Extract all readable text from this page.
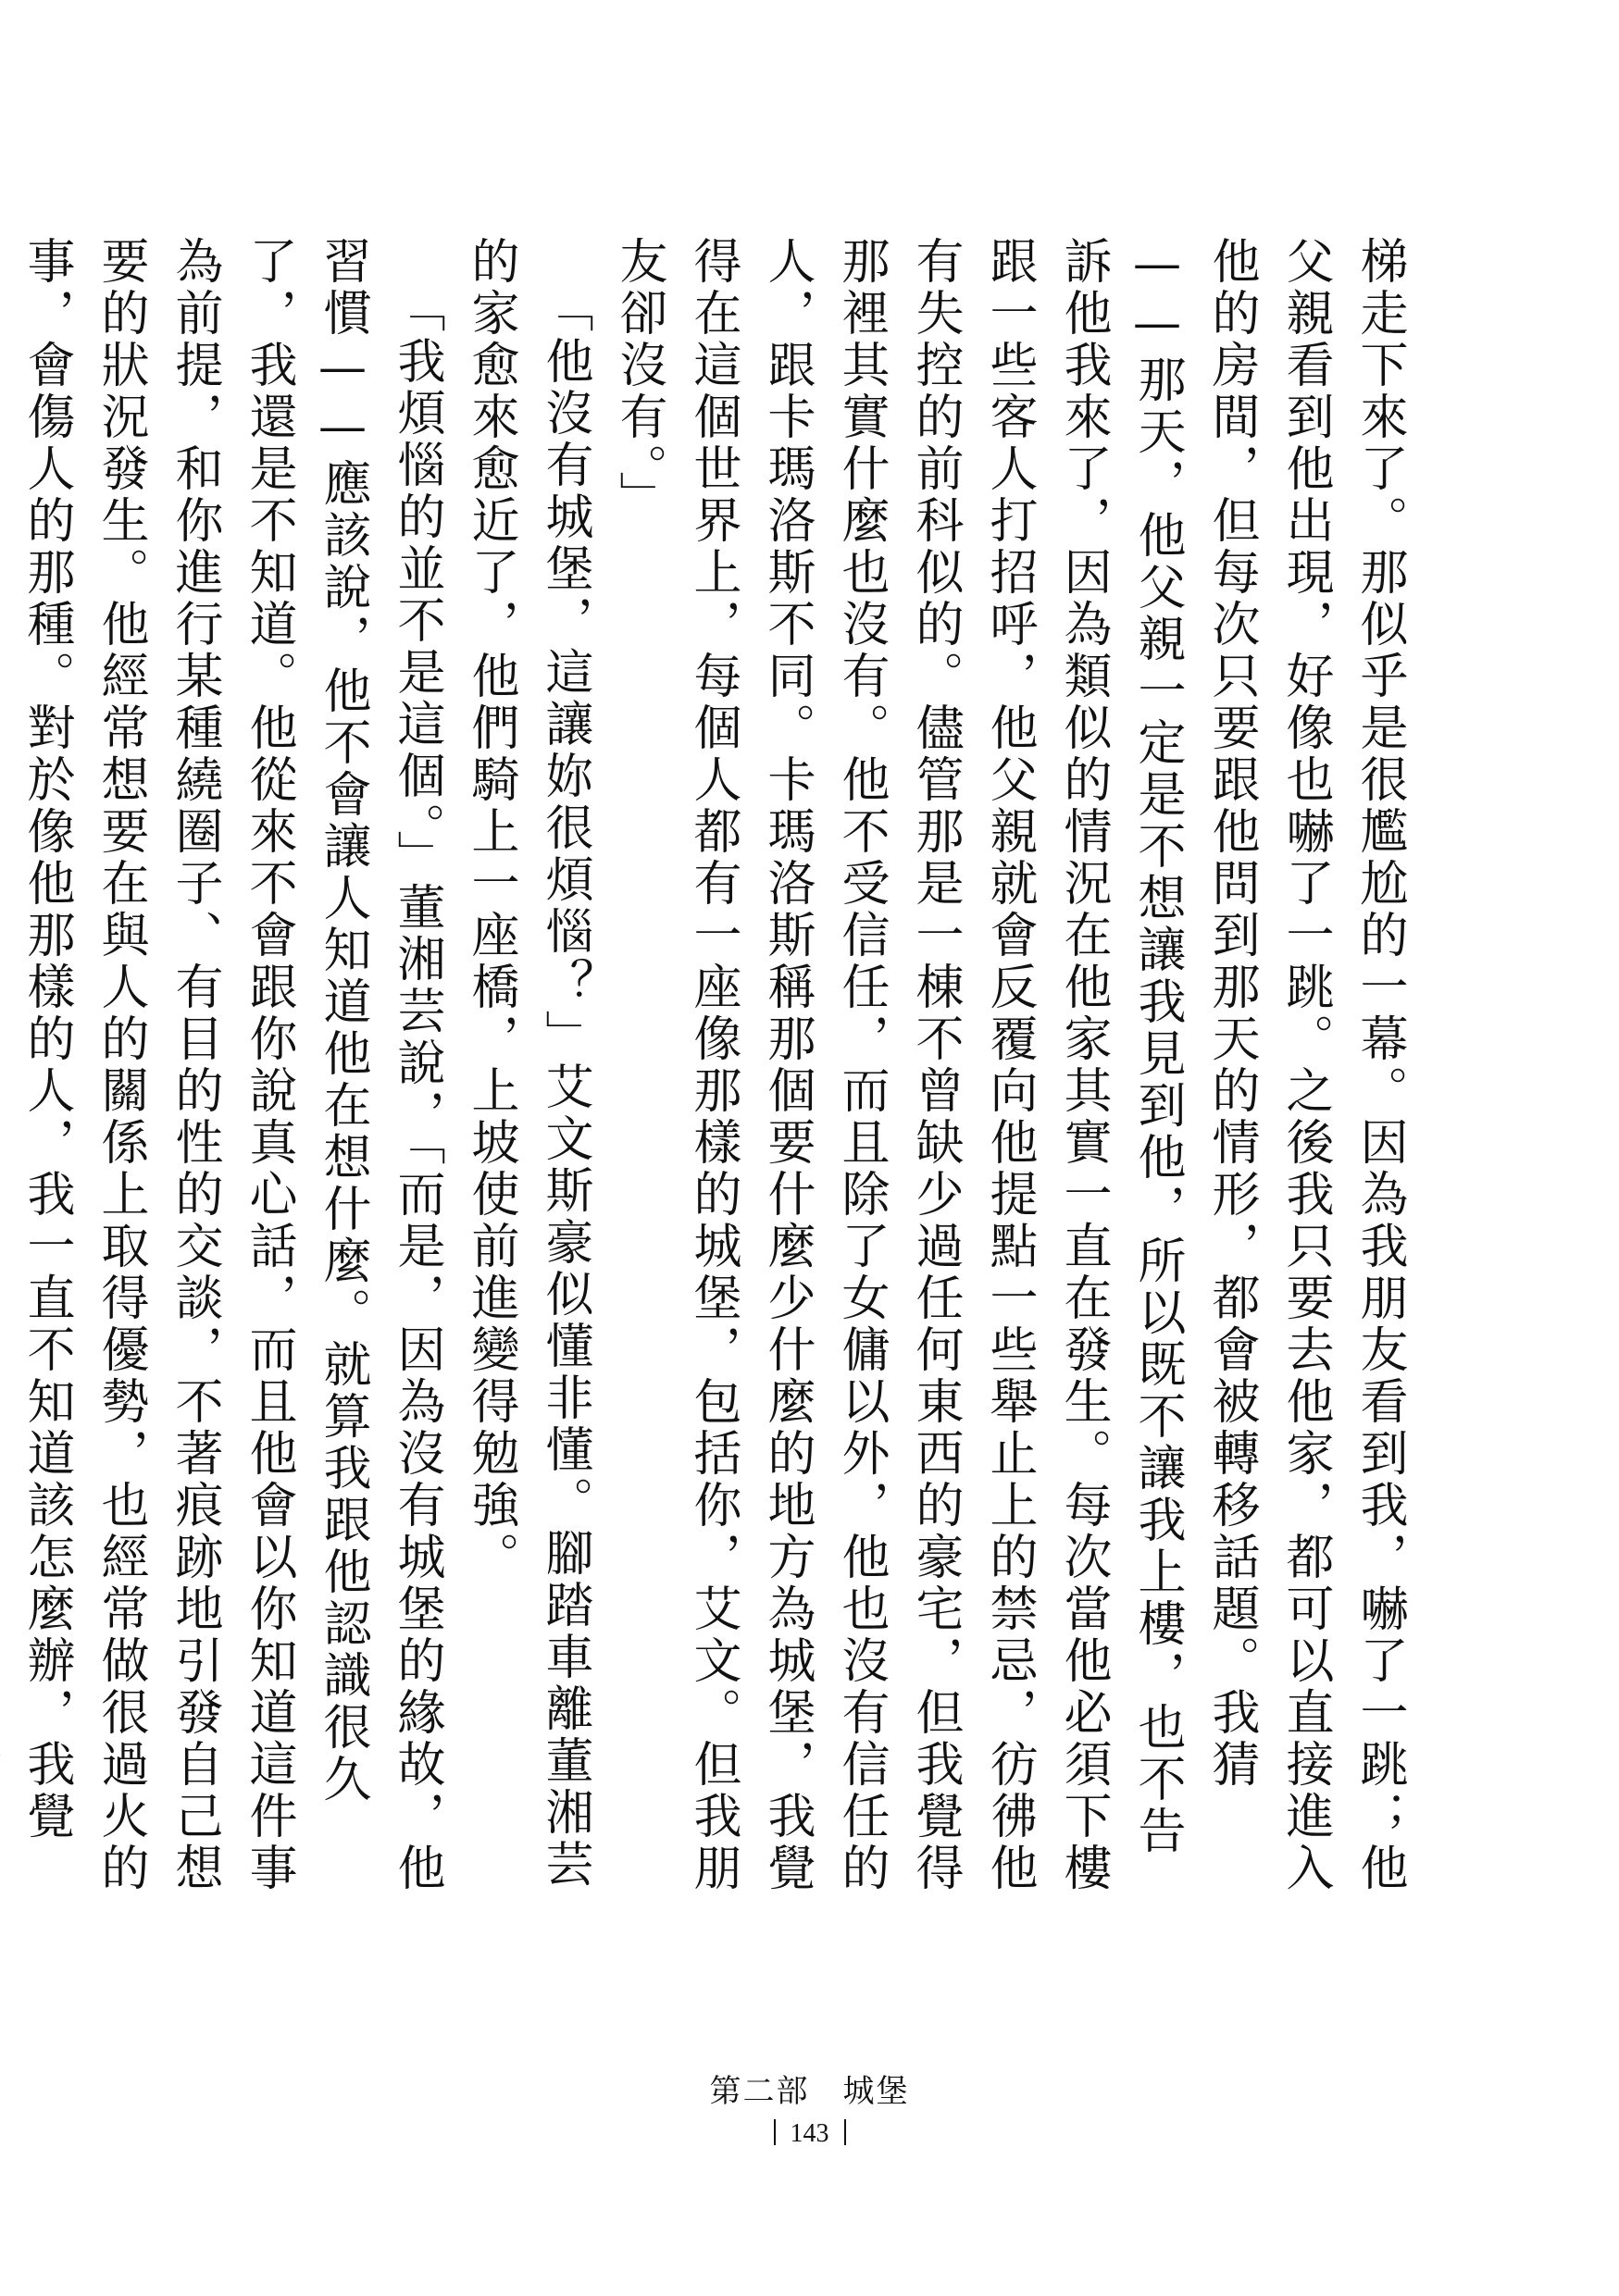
梯走下來了。那似乎是很尷尬的一幕。因為我朋友看到我，嚇了一跳；他父親看到他出現，好像也嚇了一跳。之後我只要去他家，都可以直接進入他的房間，但每次只要跟他問到那天的情形，都會被轉移話題。我猜——那天，他父親一定是不想讓我見到他，所以既不讓我上樓，也不告訴他我來了，因為類似的情況在他家其實一直在發生。每次當他必須下樓跟一些客人打招呼，他父親就會反覆向他提點一些舉止上的禁忌，彷彿他有失控的前科似的。儘管那是一棟不曾缺少過任何東西的豪宅，但我覺得那裡其實什麼也沒有。他不受信任，而且除了女傭以外，他也沒有信任的人，跟卡瑪洛斯不同。卡瑪洛斯稱那個要什麼少什麼的地方為城堡，我覺得在這個世界上，每個人都有一座像那樣的城堡，包括你，艾文。但我朋友卻沒有。」

「他沒有城堡，這讓妳很煩惱？」艾文斯豪似懂非懂。腳踏車離董湘芸的家愈來愈近了，他們騎上一座橋，上坡使前進變得勉強。

「我煩惱的並不是這個。」董湘芸說，「而是，因為沒有城堡的緣故，他習慣——應該說，他不會讓人知道他在想什麼。就算我跟他認識很久了，我還是不知道。他從來不會跟你說真心話，而且他會以你知道這件事為前提，和你進行某種繞圈子、有目的性的交談，不著痕跡地引發自己想要的狀況發生。他經常想要在與人的關係上取得優勢，也經常做很過火的事，會傷人的那種。對於像他那樣的人，我一直不知道該怎麼辦，我覺

第二部　城堡
143
